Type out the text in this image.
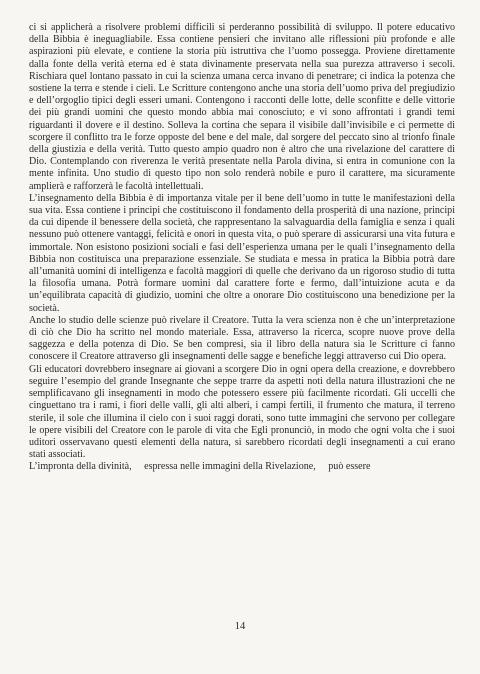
ci si applicherà a risolvere problemi difficili si perderanno possibilità di sviluppo. Il potere educativo della Bibbia è ineguagliabile. Essa contiene pensieri che invitano alle riflessioni più profonde e alle aspirazioni più elevate, e contiene la storia più istruttiva che l’uomo possegga. Proviene direttamente dalla fonte della verità eterna ed è stata divinamente preservata nella sua purezza attraverso i secoli. Rischiara quel lontano passato in cui la scienza umana cerca invano di penetrare; ci indica la potenza che sostiene la terra e stende i cieli. Le Scritture contengono anche una storia dell’uomo priva del pregiudizio e dell’orgoglio tipici degli esseri umani. Contengono i racconti delle lotte, delle sconfitte e delle vittorie dei più grandi uomini che questo mondo abbia mai conosciuto; e vi sono affrontati i grandi temi riguardanti il dovere e il destino. Solleva la cortina che separa il visibile dall’invisibile e ci permette di scorgere il conflitto tra le forze opposte del bene e del male, dal sorgere del peccato sino al trionfo finale della giustizia e della verità. Tutto questo ampio quadro non è altro che una rivelazione del carattere di Dio. Contemplando con riverenza le verità presentate nella Parola divina, si entra in comunione con la mente infinita. Uno studio di questo tipo non solo renderà nobile e puro il carattere, ma sicuramente amplierà e rafforzerà le facoltà intellettuali.

L’insegnamento della Bibbia è di importanza vitale per il bene dell’uomo in tutte le manifestazioni della sua vita. Essa contiene i principi che costituiscono il fondamento della prosperità di una nazione, principi da cui dipende il benessere della società, che rappresentano la salvaguardia della famiglia e senza i quali nessuno può ottenere vantaggi, felicità e onori in questa vita, o può sperare di assicurarsi una vita futura e immortale. Non esistono posizioni sociali e fasi dell’esperienza umana per le quali l’insegnamento della Bibbia non costituisca una preparazione essenziale. Se studiata e messa in pratica la Bibbia potrà dare all’umanità uomini di intelligenza e facoltà maggiori di quelle che derivano da un rigoroso studio di tutta la filosofia umana. Potrà formare uomini dal carattere forte e fermo, dall’intuizione acuta e da un’equilibrata capacità di giudizio, uomini che oltre a onorare Dio costituiscono una benedizione per la società.

Anche lo studio delle scienze può rivelare il Creatore. Tutta la vera scienza non è che un’interpretazione di ciò che Dio ha scritto nel mondo materiale. Essa, attraverso la ricerca, scopre nuove prove della saggezza e della potenza di Dio. Se ben compresi, sia il libro della natura sia le Scritture ci fanno conoscere il Creatore attraverso gli insegnamenti delle sagge e benefiche leggi attraverso cui Dio opera.

Gli educatori dovrebbero insegnare ai giovani a scorgere Dio in ogni opera della creazione, e dovrebbero seguire l’esempio del grande Insegnante che seppe trarre da aspetti noti della natura illustrazioni che ne semplificavano gli insegnamenti in modo che potessero essere più facilmente ricordati. Gli uccelli che cinguettano tra i rami, i fiori delle valli, gli alti alberi, i campi fertili, il frumento che matura, il terreno sterile, il sole che illumina il cielo con i suoi raggi dorati, sono tutte immagini che servono per collegare le opere visibili del Creatore con le parole di vita che Egli pronunciò, in modo che ogni volta che i suoi uditori osservavano questi elementi della natura, si sarebbero ricordati degli insegnamenti a cui erano stati associati.

L’impronta della divinità,     espressa nelle immagini della Rivelazione,     può essere

14
